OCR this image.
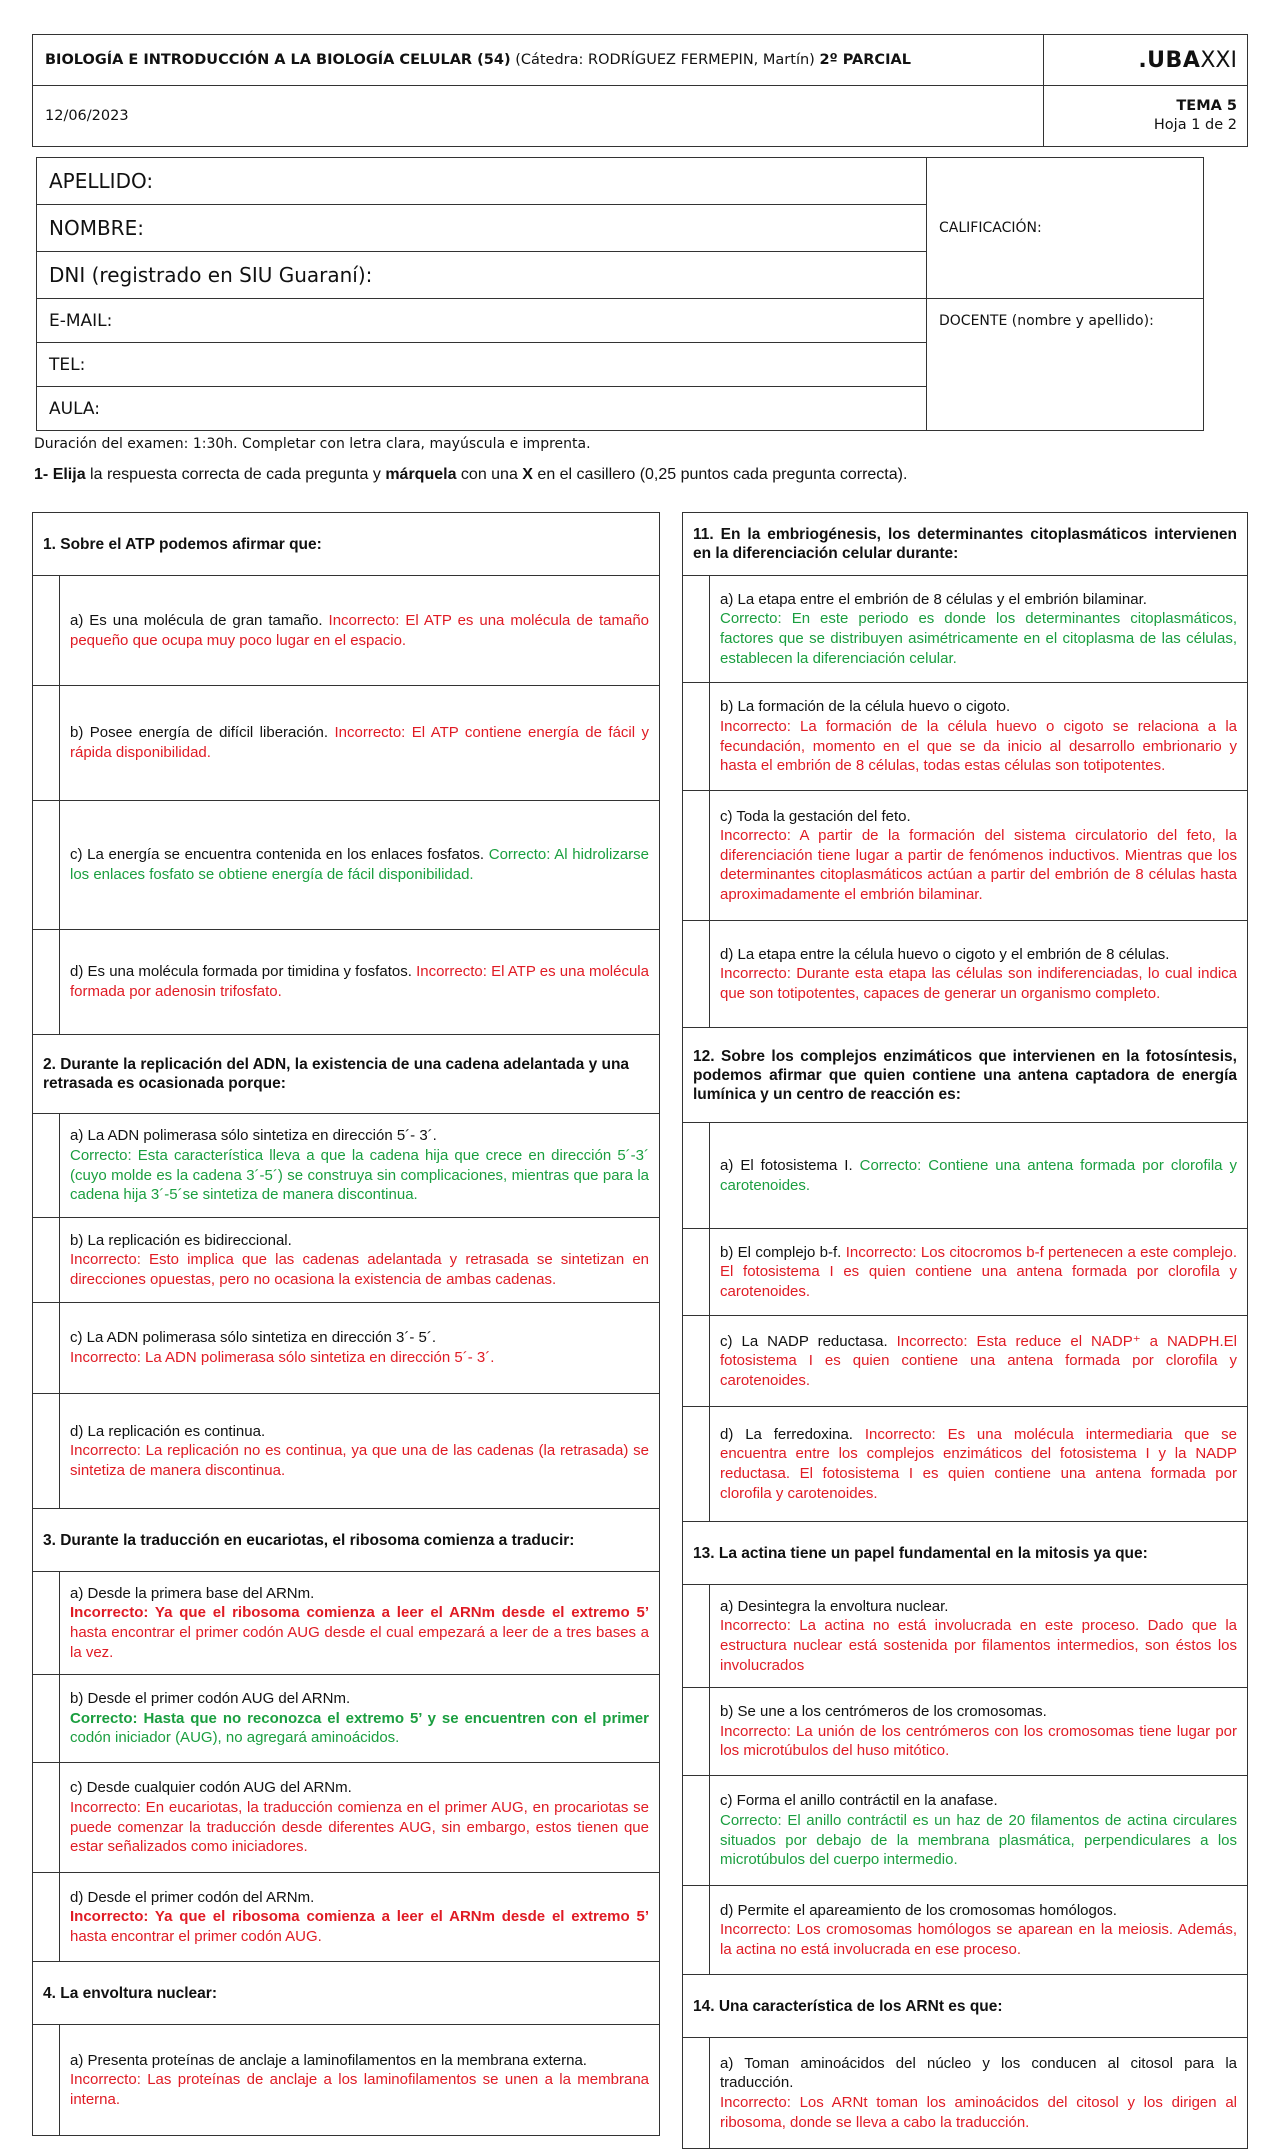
BIOLOGÍA E INTRODUCCIÓN A LA BIOLOGÍA CELULAR (54) (Cátedra: RODRÍGUEZ FERMEPIN, Martín) 2º PARCIAL	.UBAXXI
12/06/2023	TEMA 5
Hoja 1 de 2
APELLIDO:	CALIFICACIÓN:
NOMBRE:	
DNI (registrado en SIU Guaraní):	
E-MAIL:	DOCENTE (nombre y apellido):
TEL:	
AULA:	
Duración del examen: 1:30h. Completar con letra clara, mayúscula e imprenta.
1- Elija la respuesta correcta de cada pregunta y márquela con una X en el casillero (0,25 puntos cada pregunta correcta).
1. Sobre el ATP podemos afirmar que:	
	a) Es una molécula de gran tamaño. Incorrecto: El ATP es una molécula de tamaño pequeño que ocupa muy poco lugar en el espacio.
	b) Posee energía de difícil liberación. Incorrecto: El ATP contiene energía de fácil y rápida disponibilidad.
	c) La energía se encuentra contenida en los enlaces fosfatos. Correcto: Al hidrolizarse los enlaces fosfato se obtiene energía de fácil disponibilidad.
	d) Es una molécula formada por timidina y fosfatos. Incorrecto: El ATP es una molécula formada por adenosin trifosfato.
2. Durante la replicación del ADN, la existencia de una cadena adelantada y una retrasada es ocasionada porque:	

	a) La ADN polimerasa sólo sintetiza en dirección 5´- 3´.
Correcto: Esta característica lleva a que la cadena hija que crece en dirección 5´-3´ (cuyo molde es la cadena 3´-5´) se construya sin complicaciones, mientras que para la cadena hija 3´-5´se sintetiza de manera discontinua.

	b) La replicación es bidireccional.
Incorrecto: Esto implica que las cadenas adelantada y retrasada se sintetizan en direcciones opuestas, pero no ocasiona la existencia de ambas cadenas.

	c) La ADN polimerasa sólo sintetiza en dirección 3´- 5´.
Incorrecto: La ADN polimerasa sólo sintetiza en dirección 5´- 3´.

	d) La replicación es continua.
Incorrecto: La replicación no es continua, ya que una de las cadenas (la retrasada) se sintetiza de manera discontinua.
3. Durante la traducción en eucariotas, el ribosoma comienza a traducir:	

	a) Desde la primera base del ARNm.
Incorrecto: Ya que el ribosoma comienza a leer el ARNm desde el extremo 5’ hasta encontrar el primer codón AUG desde el cual empezará a leer de a tres bases a la vez.

	b) Desde el primer codón AUG del ARNm.
Correcto: Hasta que no reconozca el extremo 5’ y se encuentren con el primer codón iniciador (AUG), no agregará aminoácidos.

	c) Desde cualquier codón AUG del ARNm.
Incorrecto: En eucariotas, la traducción comienza en el primer AUG, en procariotas se puede comenzar la traducción desde diferentes AUG, sin embargo, estos tienen que estar señalizados como iniciadores.

	d) Desde el primer codón del ARNm.
Incorrecto: Ya que el ribosoma comienza a leer el ARNm desde el extremo 5’ hasta encontrar el primer codón AUG.
4. La envoltura nuclear:	

	a) Presenta proteínas de anclaje a laminofilamentos en la membrana externa.
Incorrecto: Las proteínas de anclaje a los laminofilamentos se unen a la membrana interna.
11. En la embriogénesis, los determinantes citoplasmáticos intervienen en la diferenciación celular durante:	

	a) La etapa entre el embrión de 8 células y el embrión bilaminar.
Correcto: En este periodo es donde los determinantes citoplasmáticos, factores que se distribuyen asimétricamente en el citoplasma de las células, establecen la diferenciación celular.

	b) La formación de la célula huevo o cigoto.
Incorrecto: La formación de la célula huevo o cigoto se relaciona a la fecundación, momento en el que se da inicio al desarrollo embrionario y hasta el embrión de 8 células, todas estas células son totipotentes.

	c) Toda la gestación del feto.
Incorrecto: A partir de la formación del sistema circulatorio del feto, la diferenciación tiene lugar a partir de fenómenos inductivos. Mientras que los determinantes citoplasmáticos actúan a partir del embrión de 8 células hasta aproximadamente el embrión bilaminar.

	d) La etapa entre la célula huevo o cigoto y el embrión de 8 células.
Incorrecto: Durante esta etapa las células son indiferenciadas, lo cual indica que son totipotentes, capaces de generar un organismo completo.
12. Sobre los complejos enzimáticos que intervienen en la fotosíntesis, podemos afirmar que quien contiene una antena captadora de energía lumínica y un centro de reacción es:	
	a) El fotosistema I. Correcto: Contiene una antena formada por clorofila y carotenoides.
	b) El complejo b-f. Incorrecto: Los citocromos b-f pertenecen a este complejo. El fotosistema I es quien contiene una antena formada por clorofila y carotenoides.
	c) La NADP reductasa. Incorrecto: Esta reduce el NADP⁺ a NADPH.El fotosistema I es quien contiene una antena formada por clorofila y carotenoides.
	d) La ferredoxina. Incorrecto: Es una molécula intermediaria que se encuentra entre los complejos enzimáticos del fotosistema I y la NADP reductasa. El fotosistema I es quien contiene una antena formada por clorofila y carotenoides.
13. La actina tiene un papel fundamental en la mitosis ya que:	

	a) Desintegra la envoltura nuclear.
Incorrecto: La actina no está involucrada en este proceso. Dado que la estructura nuclear está sostenida por filamentos intermedios, son éstos los involucrados

	b) Se une a los centrómeros de los cromosomas.
Incorrecto: La unión de los centrómeros con los cromosomas tiene lugar por los microtúbulos del huso mitótico.

	c) Forma el anillo contráctil en la anafase.
Correcto: El anillo contráctil es un haz de 20 filamentos de actina circulares situados por debajo de la membrana plasmática, perpendiculares a los microtúbulos del cuerpo intermedio.

	d) Permite el apareamiento de los cromosomas homólogos.
Incorrecto: Los cromosomas homólogos se aparean en la meiosis. Además, la actina no está involucrada en ese proceso.
14. Una característica de los ARNt es que:	

	a) Toman aminoácidos del núcleo y los conducen al citosol para la traducción.
Incorrecto: Los ARNt toman los aminoácidos del citosol y los dirigen al ribosoma, donde se lleva a cabo la traducción.
